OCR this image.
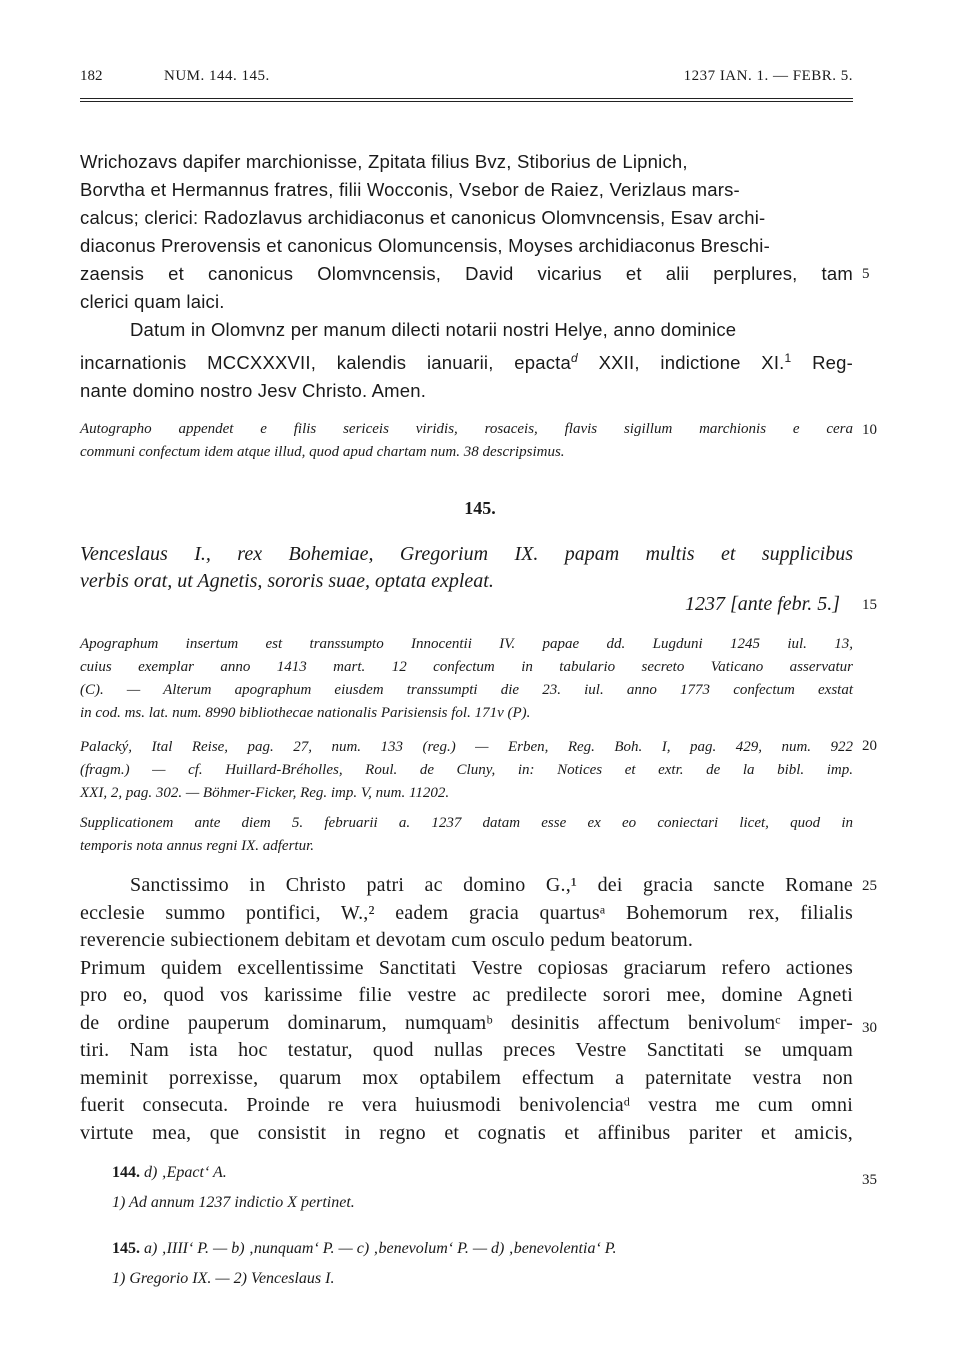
182	NUM. 144. 145.	1237 IAN. 1. — FEBR. 5.

Wrichozavs dapifer marchionisse, Zpitata filius Bvz, Stiborius de Lipnich,

Borvtha et Hermannus fratres, filii Wocconis, Vsebor de Raiez, Verizlaus mars-

calcus; clerici: Radozlavus archidiaconus et canonicus Olomvncensis, Esav archi-

diaconus Prerovensis et canonicus Olomuncensis, Moyses archidiaconus Breschi-

zaensis et canonicus Olomvncensis, David vicarius et alii perplures, tam

clerici quam laici.

Datum in Olomvnz per manum dilecti notarii nostri Helye, anno dominice

incarnationis MCCXXXVII, kalendis ianuarii, epacta$^d$ XXII, indictione XI.$^1$ Reg-

nante domino nostro Jesv Christo. Amen.

Autographo appendet e filis sericeis viridis, rosaceis, flavis sigillum marchionis e cera

communi confectum idem atque illud, quod apud chartam num. 38 descripsimus.

145.

Venceslaus I., rex Bohemiae, Gregorium IX. papam multis et supplicibus

verbis orat, ut Agnetis, sororis suae, optata expleat.

1237 [ante febr. 5.]

Apographum insertum est transsumpto Innocentii IV. papae dd. Lugduni 1245 iul. 13,

cuius exemplar anno 1413 mart. 12 confectum in tabulario secreto Vaticano asservatur

(C). — Alterum apographum eiusdem transsumpti die 23. iul. anno 1773 confectum exstat

in cod. ms. lat. num. 8990 bibliothecae nationalis Parisiensis fol. 171v (P).

Palacký, Ital Reise, pag. 27, num. 133 (reg.) — Erben, Reg. Boh. I, pag. 429, num. 922

(fragm.) — cf. Huillard-Bréholles, Roul. de Cluny, in: Notices et extr. de la bibl. imp.

XXI, 2, pag. 302. — Böhmer-Ficker, Reg. imp. V, num. 11202.

Supplicationem ante diem 5. februarii a. 1237 datam esse ex eo coniectari licet, quod in

temporis nota annus regni IX. adfertur.

Sanctissimo in Christo patri ac domino G.,¹ dei gracia sancte Romane

ecclesie summo pontifici, W.,² eadem gracia quartusᵃ Bohemorum rex, filialis

reverencie subiectionem debitam et devotam cum osculo pedum beatorum.

Primum quidem excellentissime Sanctitati Vestre copiosas graciarum refero actiones

pro eo, quod vos karissime filie vestre ac predilecte sorori mee, domine Agneti

de ordine pauperum dominarum, numquamᵇ desinitis affectum benivolumᶜ imper-

tiri. Nam ista hoc testatur, quod nullas preces Vestre Sanctitati se umquam

meminit porrexisse, quarum mox optabilem effectum a paternitate vestra non

fuerit consecuta. Proinde re vera huiusmodi benivolenciaᵈ vestra me cum omni

virtute mea, que consistit in regno et cognatis et affinibus pariter et amicis,

5
10
15
20
25
30
35
144. d) ‚Epact‘ A.
1) Ad annum 1237 indictio X pertinet.
145. a) ‚IIII‘ P. — b) ‚nunquam‘ P. — c) ‚benevolum‘ P. — d) ‚benevolentia‘ P.
1) Gregorio IX. — 2) Venceslaus I.
